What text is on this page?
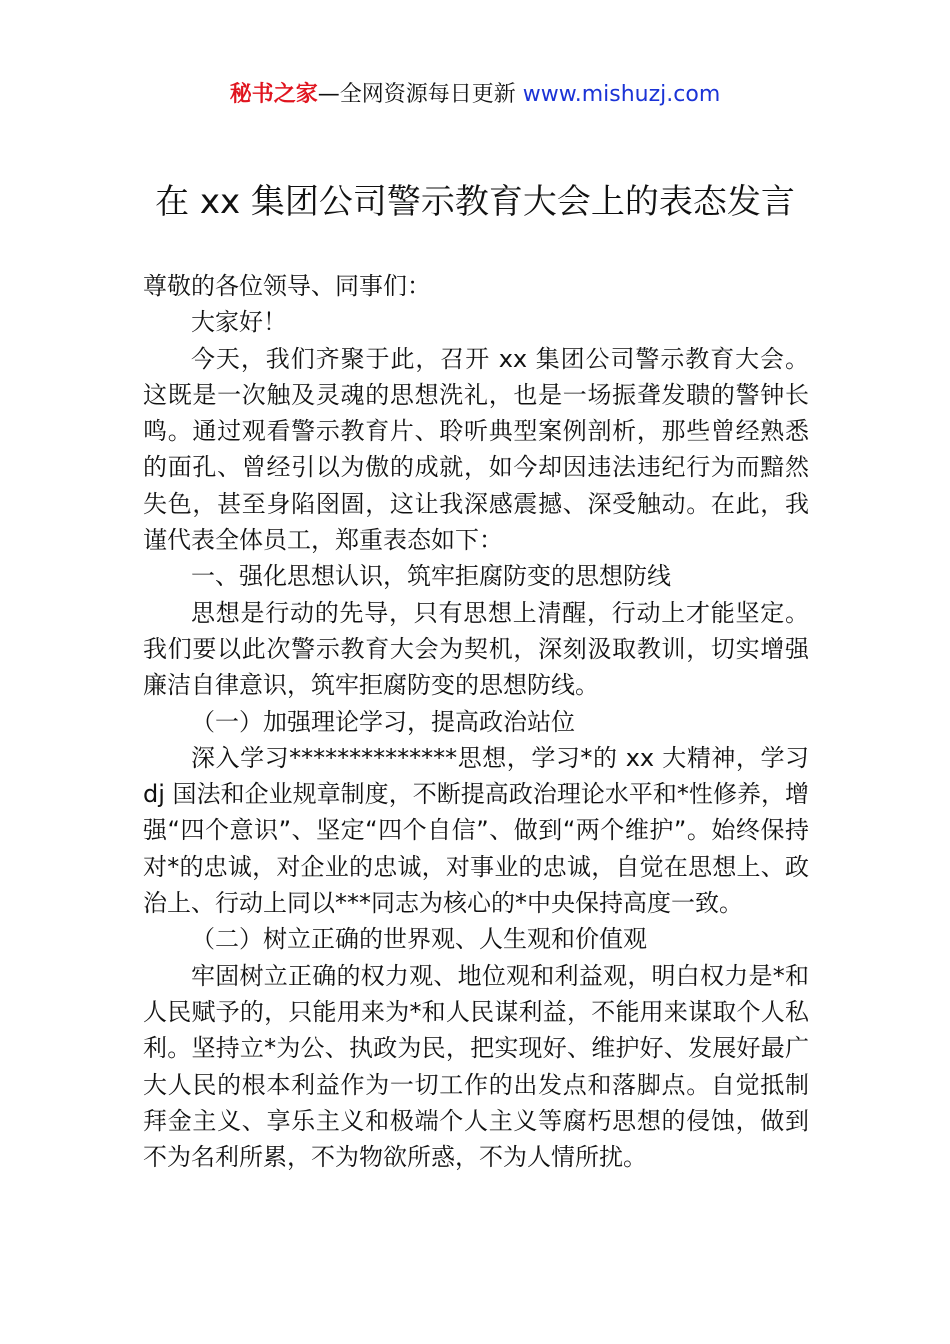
秘书之家—全网资源每日更新 www.mishuzj.com
在 xx 集团公司警示教育大会上的表态发言

尊敬的各位领导、同事们：

大家好！

今天，我们齐聚于此，召开 xx 集团公司警示教育大会。这既是一次触及灵魂的思想洗礼，也是一场振聋发聩的警钟长鸣。通过观看警示教育片、聆听典型案例剖析，那些曾经熟悉的面孔、曾经引以为傲的成就，如今却因违法违纪行为而黯然失色，甚至身陷囹圄，这让我深感震撼、深受触动。在此，我谨代表全体员工，郑重表态如下：

一、强化思想认识，筑牢拒腐防变的思想防线

思想是行动的先导，只有思想上清醒，行动上才能坚定。我们要以此次警示教育大会为契机，深刻汲取教训，切实增强廉洁自律意识，筑牢拒腐防变的思想防线。

（一）加强理论学习，提高政治站位

深入学习**************思想，学习*的 xx 大精神，学习 dj 国法和企业规章制度，不断提高政治理论水平和*性修养，增强“四个意识”、坚定“四个自信”、做到“两个维护”。始终保持对*的忠诚，对企业的忠诚，对事业的忠诚，自觉在思想上、政治上、行动上同以***同志为核心的*中央保持高度一致。

（二）树立正确的世界观、人生观和价值观

牢固树立正确的权力观、地位观和利益观，明白权力是*和人民赋予的，只能用来为*和人民谋利益，不能用来谋取个人私利。坚持立*为公、执政为民，把实现好、维护好、发展好最广大人民的根本利益作为一切工作的出发点和落脚点。自觉抵制拜金主义、享乐主义和极端个人主义等腐朽思想的侵蚀，做到不为名利所累，不为物欲所惑，不为人情所扰。
